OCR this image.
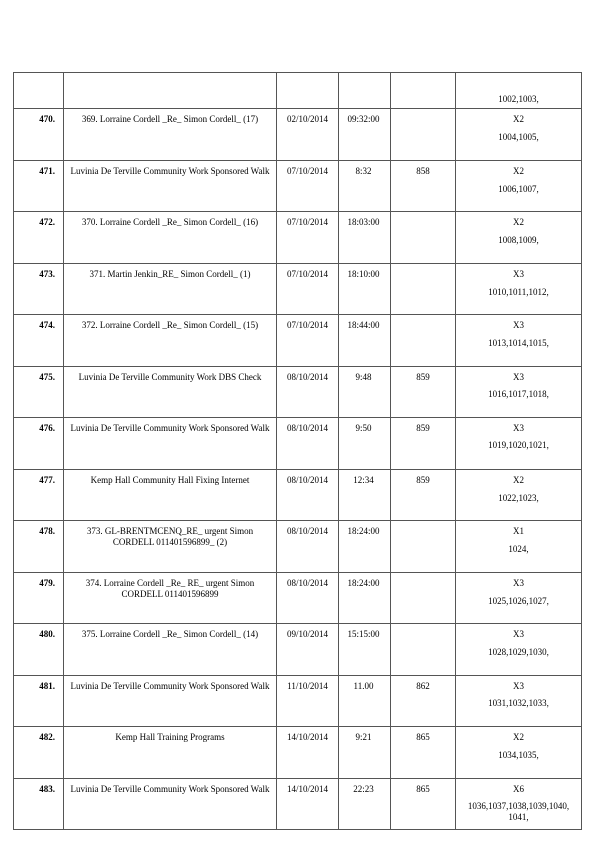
					1002,1003,

470.	369. Lorraine Cordell _Re_ Simon Cordell_ (17)	02/10/2014	09:32:00		X2
1004,1005,

471.	Luvinia De Terville Community Work Sponsored Walk	07/10/2014	8:32	858	X2
1006,1007,

472.	370. Lorraine Cordell _Re_ Simon Cordell_ (16)	07/10/2014	18:03:00		X2
1008,1009,

473.	371. Martin Jenkin_RE_ Simon Cordell_ (1)	07/10/2014	18:10:00		X3
1010,1011,1012,

474.	372. Lorraine Cordell _Re_ Simon Cordell_ (15)	07/10/2014	18:44:00		X3
1013,1014,1015,

475.	Luvinia De Terville Community Work DBS Check	08/10/2014	9:48	859	X3
1016,1017,1018,

476.	Luvinia De Terville Community Work Sponsored Walk	08/10/2014	9:50	859	X3
1019,1020,1021,

477.	Kemp Hall Community Hall Fixing Internet	08/10/2014	12:34	859	X2
1022,1023,

478.	373. GL-BRENTMCENQ_RE_ urgent Simon CORDELL 011401596899_ (2)	08/10/2014	18:24:00		X1
1024,

479.	374. Lorraine Cordell _Re_ RE_ urgent Simon CORDELL 011401596899	08/10/2014	18:24:00		X3
1025,1026,1027,

480.	375. Lorraine Cordell _Re_ Simon Cordell_ (14)	09/10/2014	15:15:00		X3
1028,1029,1030,

481.	Luvinia De Terville Community Work Sponsored Walk	11/10/2014	11.00	862	X3
1031,1032,1033,

482.	Kemp Hall Training Programs	14/10/2014	9:21	865	X2
1034,1035,

483.	Luvinia De Terville Community Work Sponsored Walk	14/10/2014	22:23	865	X6
1036,1037,1038,1039,1040, 1041,
